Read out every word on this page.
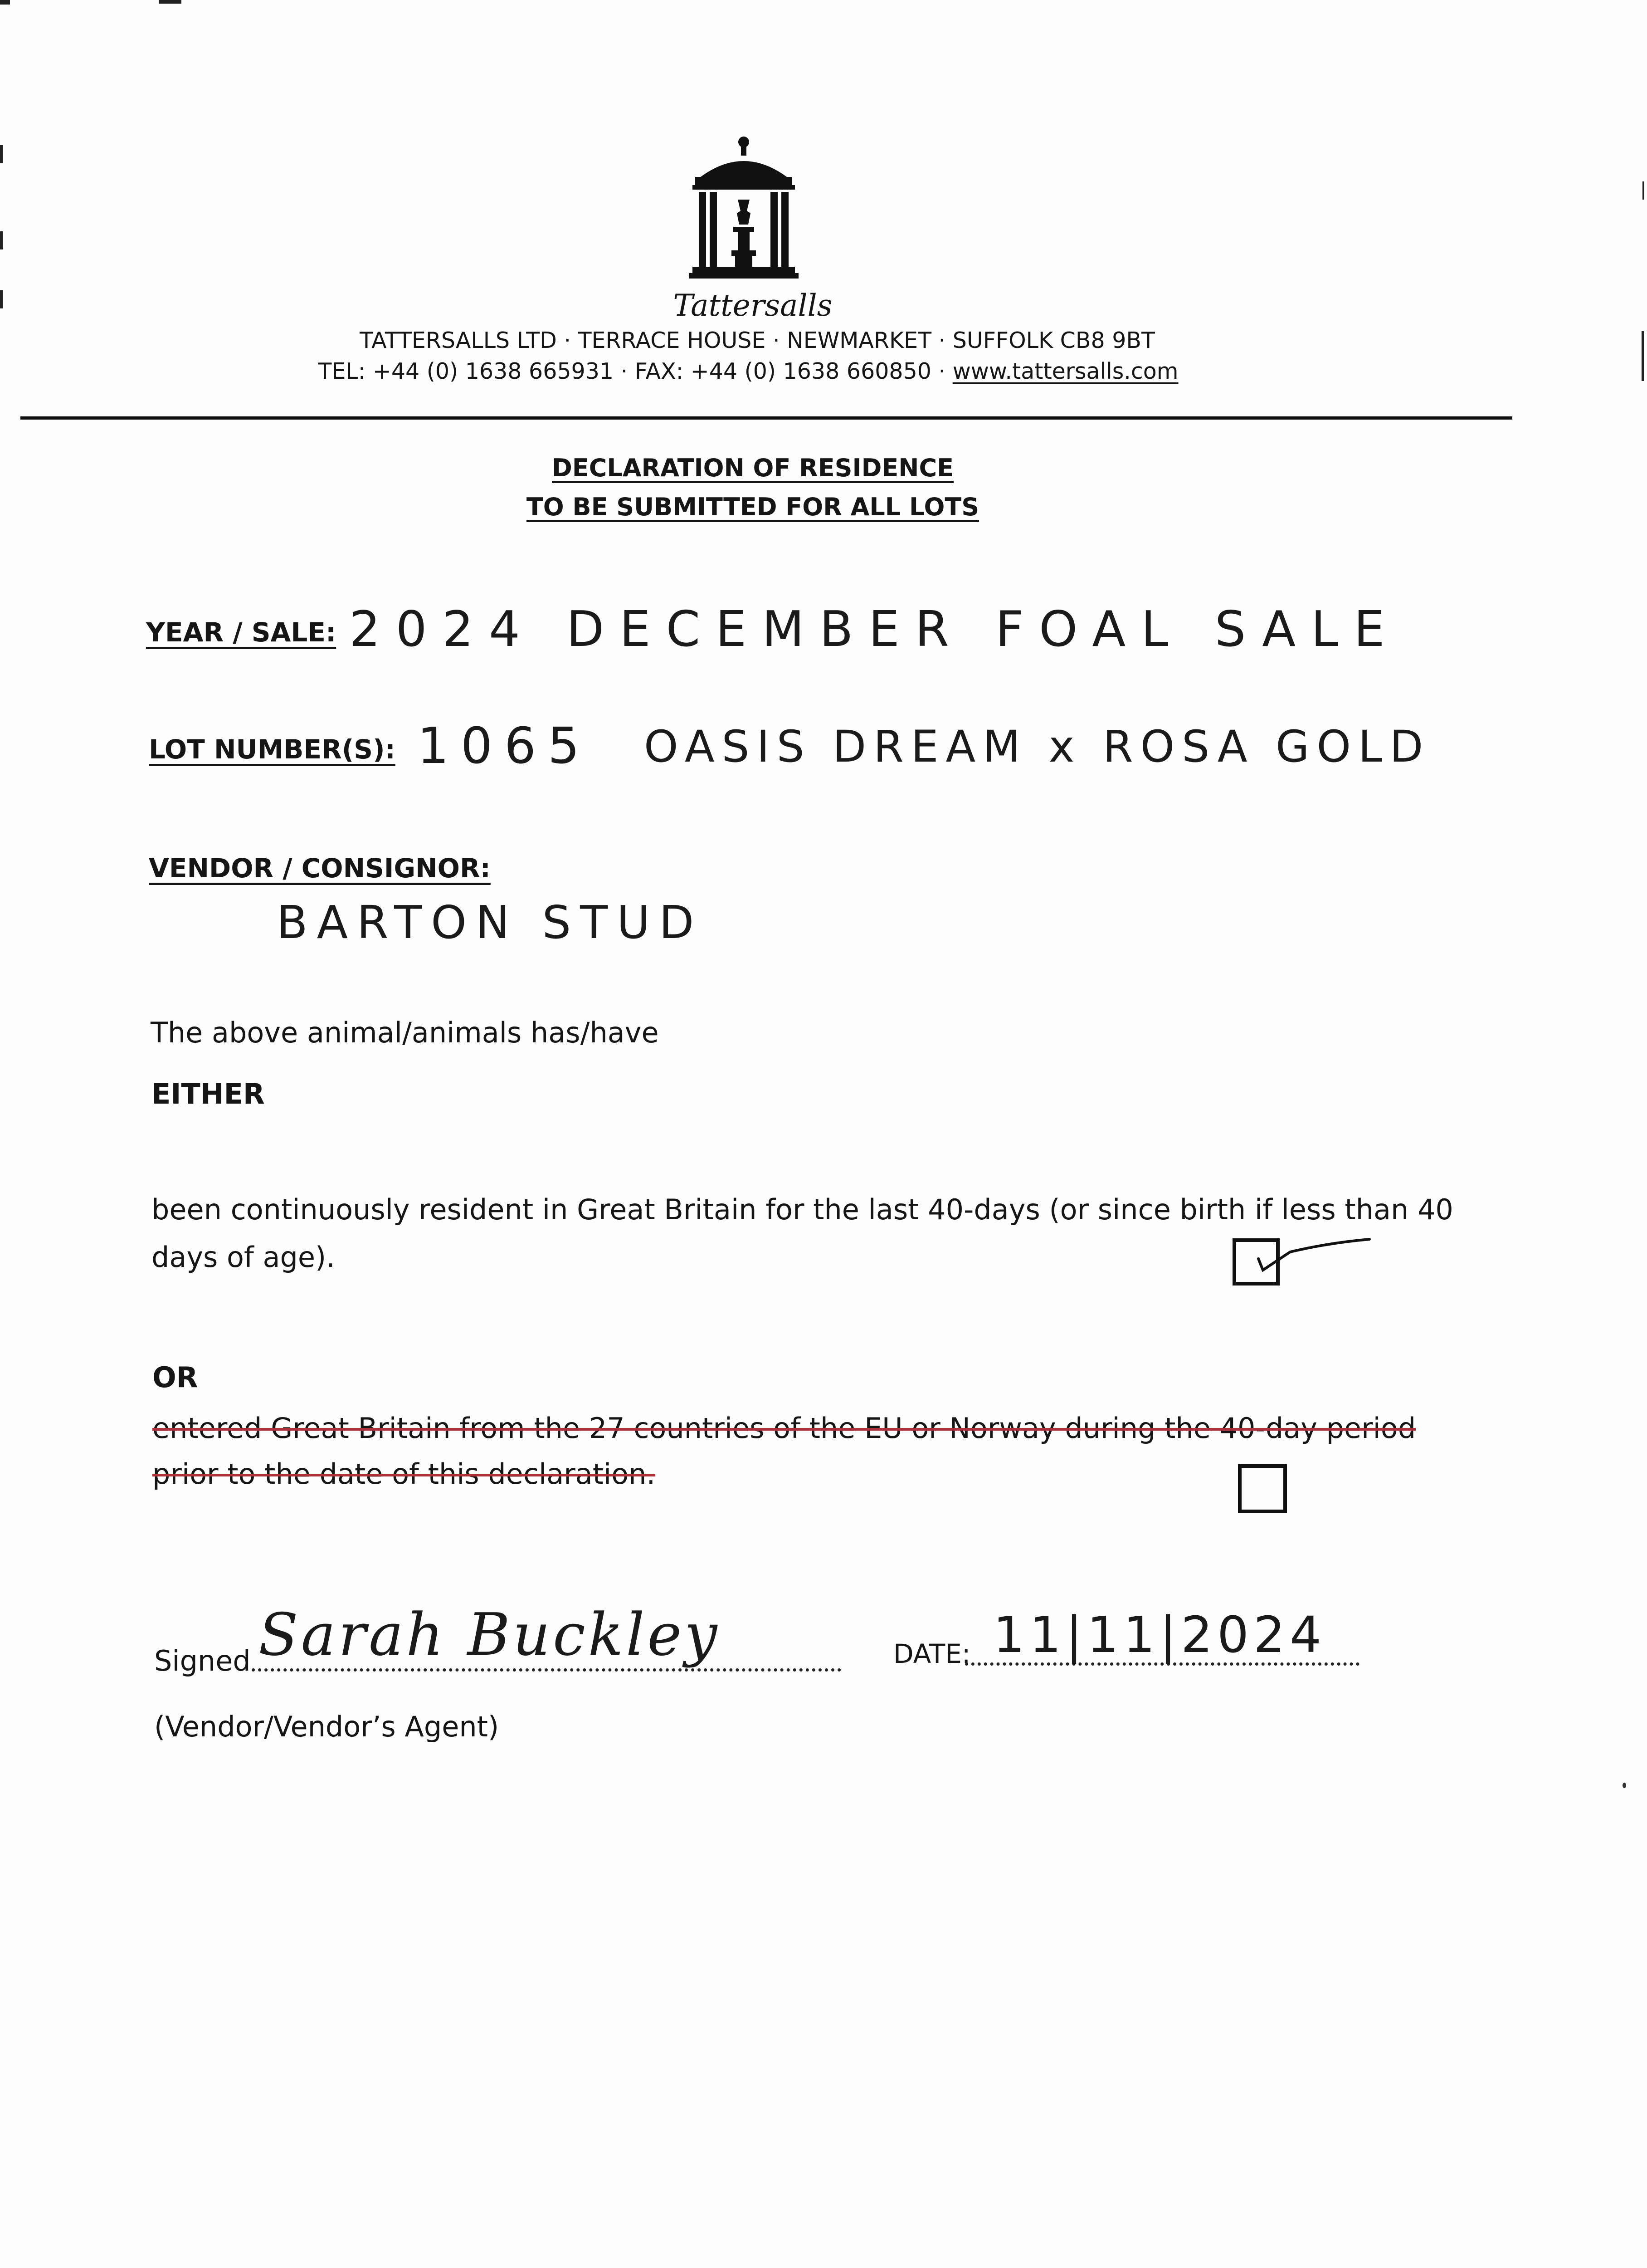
Tattersalls
TATTERSALLS LTD · TERRACE HOUSE · NEWMARKET · SUFFOLK CB8 9BT
TEL: +44 (0) 1638 665931 · FAX: +44 (0) 1638 660850 · www.tattersalls.com
DECLARATION OF RESIDENCE
TO BE SUBMITTED FOR ALL LOTS
YEAR / SALE: 2024 DECEMBER FOAL SALE
LOT NUMBER(S): 1065 OASIS DREAM x ROSA GOLD
VENDOR / CONSIGNOR:
BARTON STUD
The above animal/animals has/have
EITHER
been continuously resident in Great Britain for the last 40-days (or since birth if less than 40
days of age).
OR
entered Great Britain from the 27 countries of the EU or Norway during the 40-day period
prior to the date of this declaration.
Signed Sarah Buckley	DATE: 11|11|2024
(Vendor/Vendor’s Agent)
